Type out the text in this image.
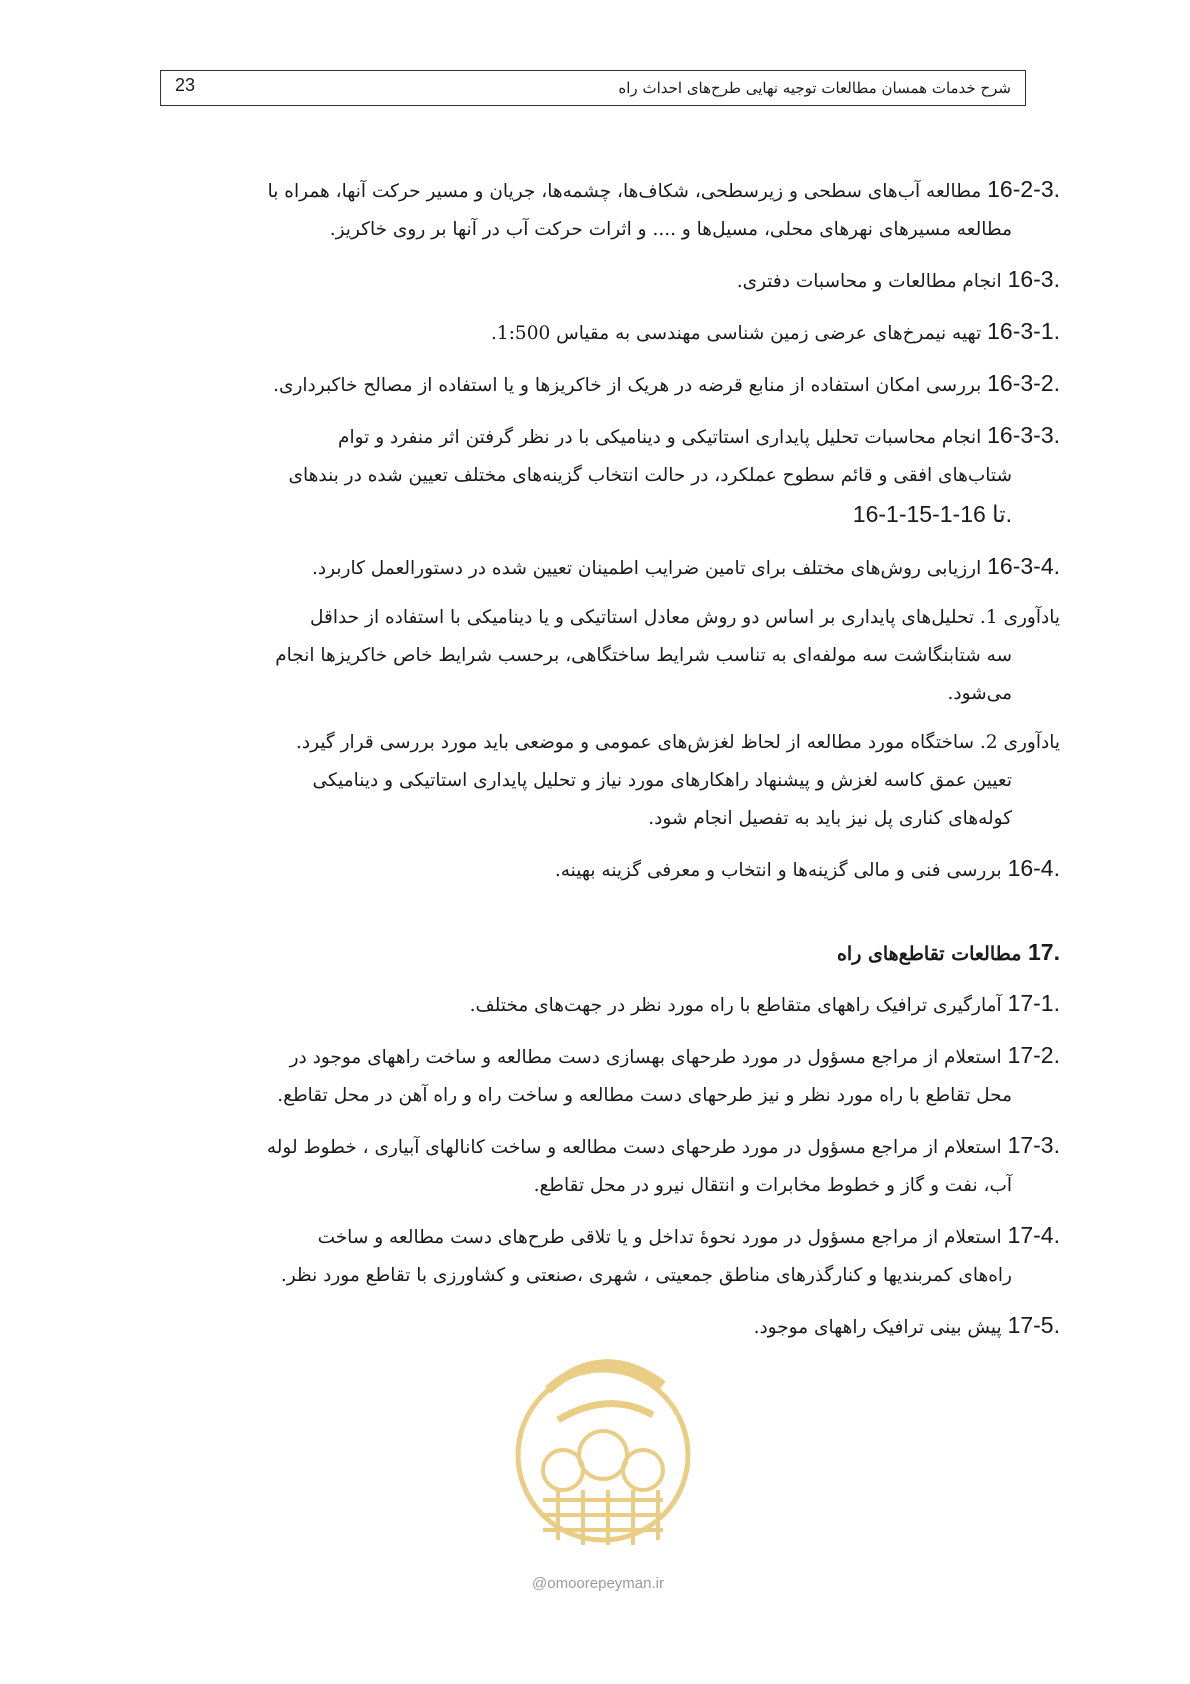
23	شرح خدمات همسان مطالعات توجیه نهایی طرح‌های احداث راه

16-2-3. مطالعه آب‌های سطحی و زیرسطحی، شکاف‌ها، چشمه‌ها، جریان و مسیر حرکت آنها، همراه با

مطالعه مسیرهای نهرهای محلی، مسیل‌ها و .... و اثرات حرکت آب در آنها بر روی خاکریز.

16-3. انجام مطالعات و محاسبات دفتری.

16-3-1. تهیه نیمرخ‌های عرضی زمین شناسی مهندسی به مقیاس 1:500.

16-3-2. بررسی امکان استفاده از منابع قرضه در هریک از خاکریزها و یا استفاده از مصالح خاکبرداری.

16-3-3. انجام محاسبات تحلیل پایداری استاتیکی و دینامیکی با در نظر گرفتن اثر منفرد و توام

شتاب‌های افقی و قائم سطوح عملکرد، در حالت انتخاب گزینه‌های مختلف تعیین شده در بندهای

16-1-1تا 16-1-5.

16-3-4. ارزیابی روش‌های مختلف برای تامین ضرایب اطمینان تعیین شده در دستورالعمل کاربرد.

یادآوری 1. تحلیل‌های پایداری بر اساس دو روش معادل استاتیکی و یا دینامیکی با استفاده از حداقل

سه شتابنگاشت سه مولفه‌ای به تناسب شرایط ساختگاهی، برحسب شرایط خاص خاکریزها انجام

می‌شود.

یادآوری 2. ساختگاه مورد مطالعه از لحاظ لغزش‌های عمومی و موضعی باید مورد بررسی قرار گیرد.

تعیین عمق کاسه لغزش و پیشنهاد راهکارهای مورد نیاز و تحلیل پایداری استاتیکی و دینامیکی

کوله‌های کناری پل نیز باید به تفصیل انجام شود.

16-4. بررسی فنی و مالی گزینه‌ها و انتخاب و معرفی گزینه بهینه.

17. مطالعات تقاطع‌های راه

17-1. آمارگیری ترافیک راههای متقاطع با راه مورد نظر در جهت‌های مختلف.

17-2. استعلام از مراجع مسؤول در مورد طرحهای بهسازی دست مطالعه و ساخت راههای موجود در

محل تقاطع با راه مورد نظر و نیز طرحهای دست مطالعه و ساخت راه و راه آهن در محل تقاطع.

17-3. استعلام از مراجع مسؤول در مورد طرحهای دست مطالعه و ساخت کانالهای آبیاری ، خطوط لوله

آب، نفت و گاز و خطوط مخابرات و انتقال نیرو در محل تقاطع.

17-4. استعلام از مراجع مسؤول در مورد نحوهٔ تداخل و یا تلاقی طرح‌های دست مطالعه و ساخت

راه‌های کمربندیها و کنارگذرهای مناطق جمعیتی ، شهری ،صنعتی و کشاورزی با تقاطع مورد نظر.

17-5. پیش بینی ترافیک راههای موجود.

@omoorepeyman.ir
